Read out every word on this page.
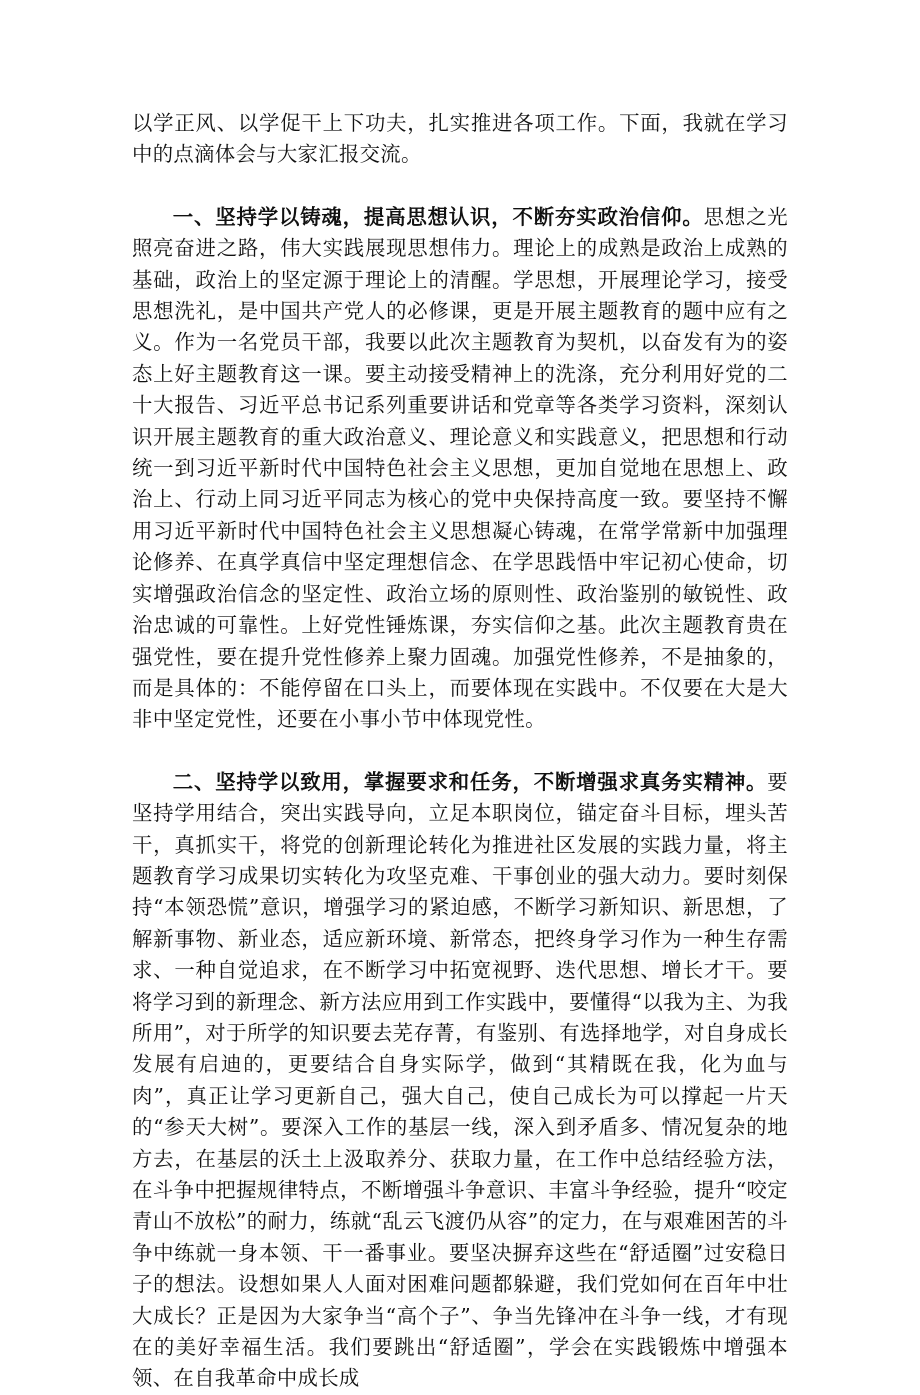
以学正风、以学促干上下功夫，扎实推进各项工作。下面，我就在学习中的点滴体会与大家汇报交流。

一、坚持学以铸魂，提高思想认识，不断夯实政治信仰。思想之光照亮奋进之路，伟大实践展现思想伟力。理论上的成熟是政治上成熟的基础，政治上的坚定源于理论上的清醒。学思想，开展理论学习，接受思想洗礼，是中国共产党人的必修课，更是开展主题教育的题中应有之义。作为一名党员干部，我要以此次主题教育为契机，以奋发有为的姿态上好主题教育这一课。要主动接受精神上的洗涤，充分利用好党的二十大报告、习近平总书记系列重要讲话和党章等各类学习资料，深刻认识开展主题教育的重大政治意义、理论意义和实践意义，把思想和行动统一到习近平新时代中国特色社会主义思想，更加自觉地在思想上、政治上、行动上同习近平同志为核心的党中央保持高度一致。要坚持不懈用习近平新时代中国特色社会主义思想凝心铸魂，在常学常新中加强理论修养、在真学真信中坚定理想信念、在学思践悟中牢记初心使命，切实增强政治信念的坚定性、政治立场的原则性、政治鉴别的敏锐性、政治忠诚的可靠性。上好党性锤炼课，夯实信仰之基。此次主题教育贵在强党性，要在提升党性修养上聚力固魂。加强党性修养，不是抽象的，而是具体的：不能停留在口头上，而要体现在实践中。不仅要在大是大非中坚定党性，还要在小事小节中体现党性。

二、坚持学以致用，掌握要求和任务，不断增强求真务实精神。要坚持学用结合，突出实践导向，立足本职岗位，锚定奋斗目标，埋头苦干，真抓实干，将党的创新理论转化为推进社区发展的实践力量，将主题教育学习成果切实转化为攻坚克难、干事创业的强大动力。要时刻保持“本领恐慌”意识，增强学习的紧迫感，不断学习新知识、新思想，了解新事物、新业态，适应新环境、新常态，把终身学习作为一种生存需求、一种自觉追求，在不断学习中拓宽视野、迭代思想、增长才干。要将学习到的新理念、新方法应用到工作实践中，要懂得“以我为主、为我所用”，对于所学的知识要去芜存菁，有鉴别、有选择地学，对自身成长发展有启迪的，更要结合自身实际学，做到“其精既在我，化为血与肉”，真正让学习更新自己，强大自己，使自己成长为可以撑起一片天的“参天大树”。要深入工作的基层一线，深入到矛盾多、情况复杂的地方去，在基层的沃土上汲取养分、获取力量，在工作中总结经验方法，在斗争中把握规律特点，不断增强斗争意识、丰富斗争经验，提升“咬定青山不放松”的耐力，练就“乱云飞渡仍从容”的定力，在与艰难困苦的斗争中练就一身本领、干一番事业。要坚决摒弃这些在“舒适圈”过安稳日子的想法。设想如果人人面对困难问题都躲避，我们党如何在百年中壮大成长？正是因为大家争当“高个子”、争当先锋冲在斗争一线，才有现在的美好幸福生活。我们要跳出“舒适圈”，学会在实践锻炼中增强本领、在自我革命中成长成
